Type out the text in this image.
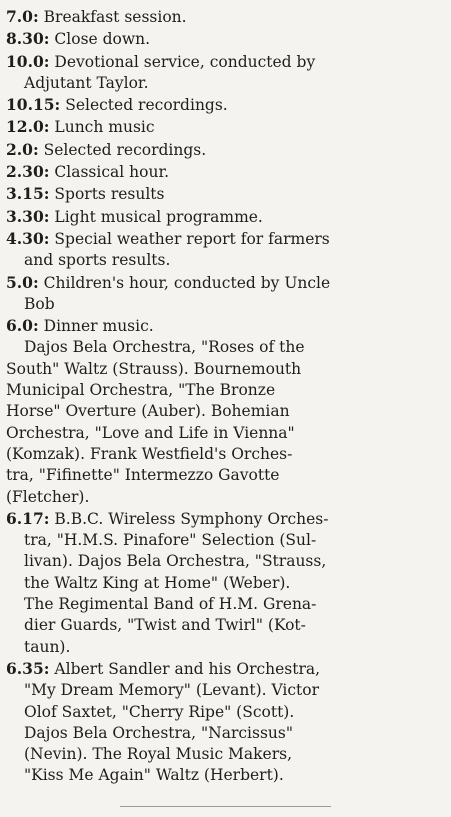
7.0: Breakfast session.

8.30: Close down.

10.0: Devotional service, conducted by
Adjutant Taylor.

10.15: Selected recordings.

12.0: Lunch music

2.0: Selected recordings.

2.30: Classical hour.

3.15: Sports results

3.30: Light musical programme.

4.30: Special weather report for farmers
and sports results.

5.0: Children's hour, conducted by Uncle
Bob

6.0: Dinner music.

Dajos Bela Orchestra, "Roses of the
South" Waltz (Strauss). Bournemouth
Municipal Orchestra, "The Bronze
Horse" Overture (Auber). Bohemian
Orchestra, "Love and Life in Vienna"
(Komzak). Frank Westfield's Orches-
tra, "Fifinette" Intermezzo Gavotte
(Fletcher).

6.17: B.B.C. Wireless Symphony Orches-
tra, "H.M.S. Pinafore" Selection (Sul-
livan). Dajos Bela Orchestra, "Strauss,
the Waltz King at Home" (Weber).
The Regimental Band of H.M. Grena-
dier Guards, "Twist and Twirl" (Kot-
taun).

6.35: Albert Sandler and his Orchestra,
"My Dream Memory" (Levant). Victor
Olof Saxtet, "Cherry Ripe" (Scott).
Dajos Bela Orchestra, "Narcissus"
(Nevin). The Royal Music Makers,
"Kiss Me Again" Waltz (Herbert).
